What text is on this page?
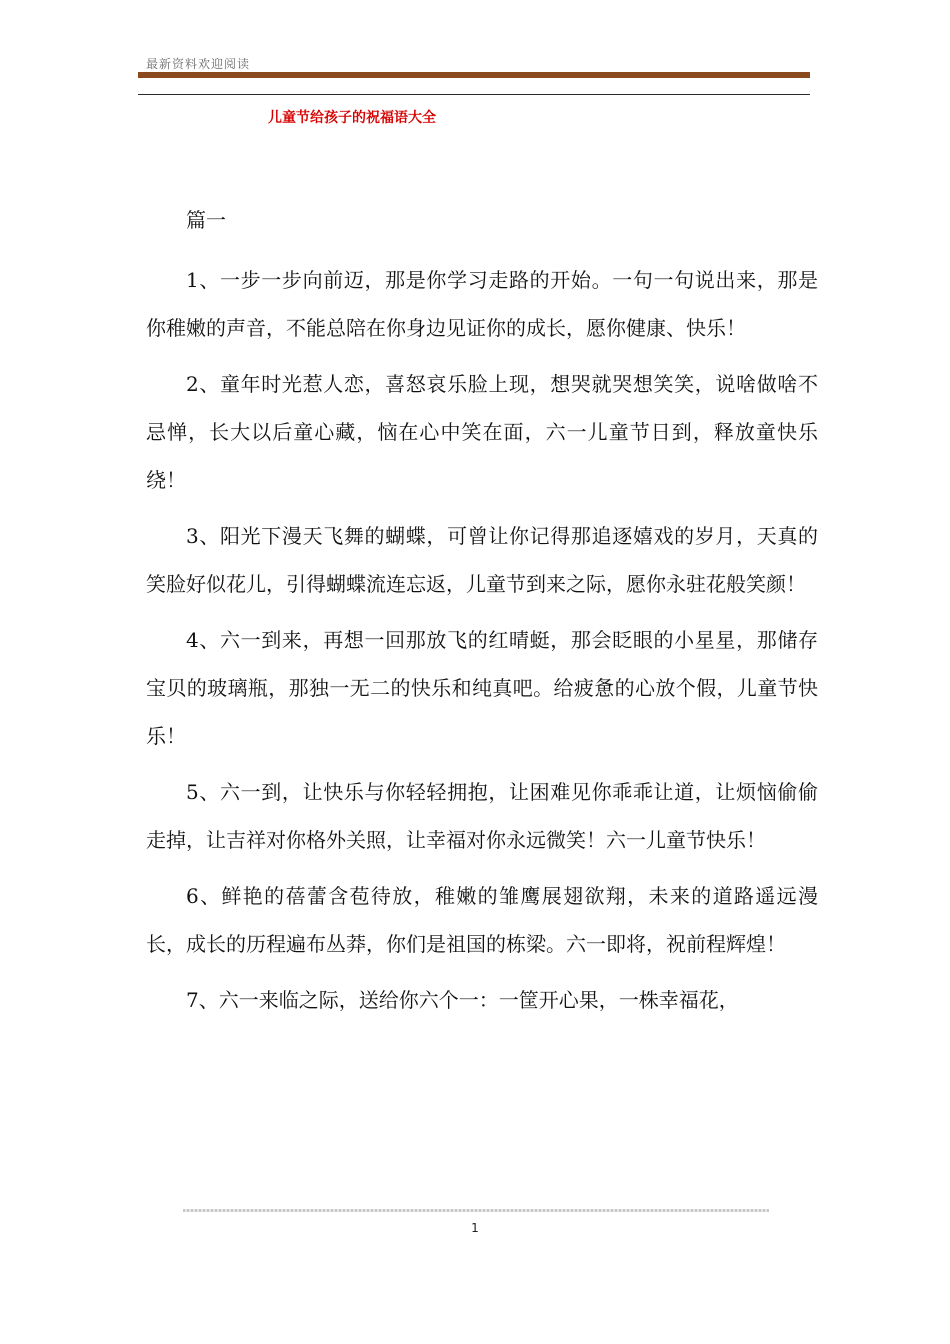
最新资料欢迎阅读
儿童节给孩子的祝福语大全

篇一

1、一步一步向前迈，那是你学习走路的开始。一句一句说出来，那是你稚嫩的声音，不能总陪在你身边见证你的成长，愿你健康、快乐！

2、童年时光惹人恋，喜怒哀乐脸上现，想哭就哭想笑笑，说啥做啥不忌惮，长大以后童心藏，恼在心中笑在面，六一儿童节日到，释放童快乐绕！

3、阳光下漫天飞舞的蝴蝶，可曾让你记得那追逐嬉戏的岁月，天真的笑脸好似花儿，引得蝴蝶流连忘返，儿童节到来之际，愿你永驻花般笑颜！

4、六一到来，再想一回那放飞的红晴蜓，那会眨眼的小星星，那储存宝贝的玻璃瓶，那独一无二的快乐和纯真吧。给疲惫的心放个假，儿童节快乐！

5、六一到，让快乐与你轻轻拥抱，让困难见你乖乖让道，让烦恼偷偷走掉，让吉祥对你格外关照，让幸福对你永远微笑！六一儿童节快乐！

6、鲜艳的蓓蕾含苞待放，稚嫩的雏鹰展翅欲翔，未来的道路遥远漫长，成长的历程遍布丛莽，你们是祖国的栋梁。六一即将，祝前程辉煌！

7、六一来临之际，送给你六个一：一筐开心果，一株幸福花，

1
